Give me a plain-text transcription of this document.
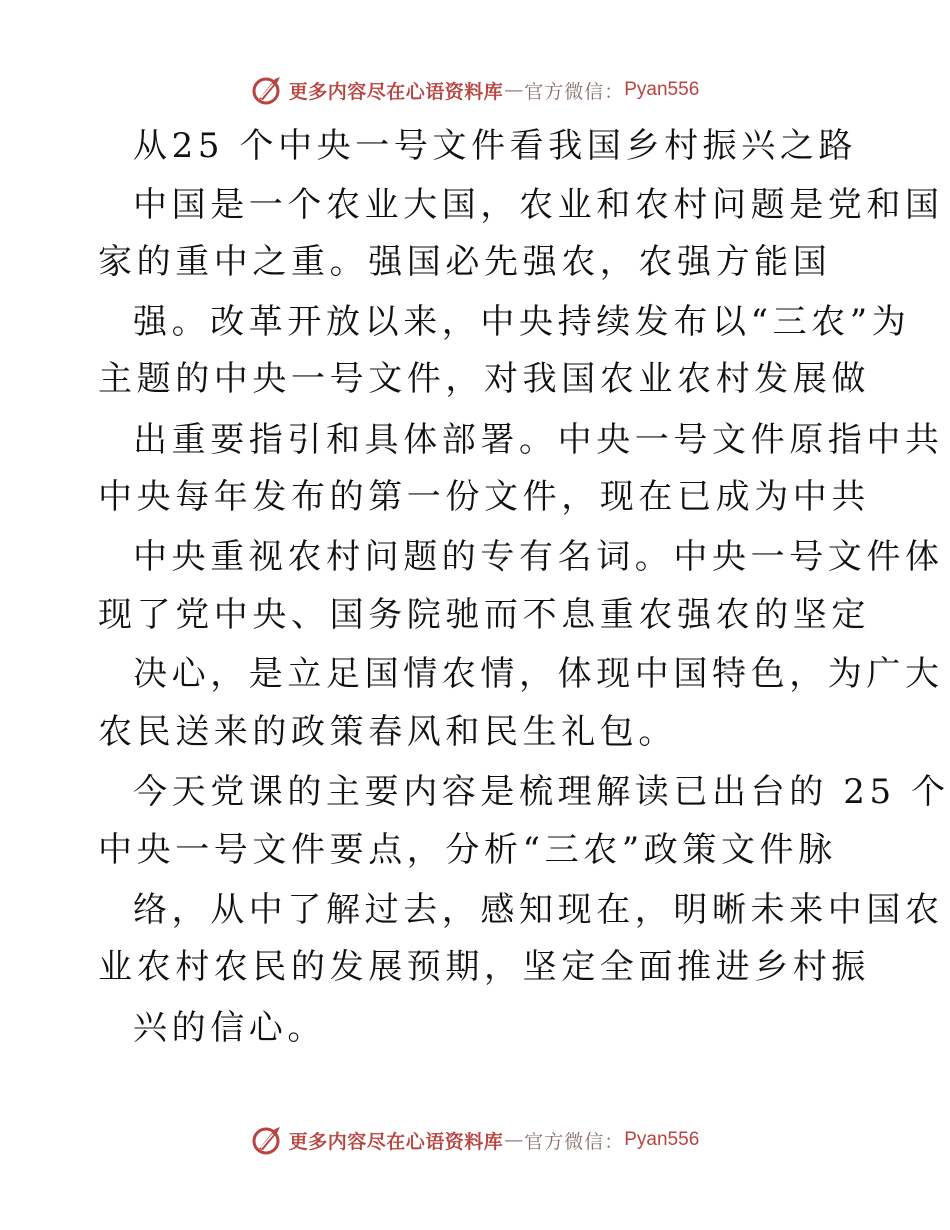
更多内容尽在心语资料库 — 官方微信： Pyan556
从25 个中央一号文件看我国乡村振兴之路
中国是一个农业大国，农业和农村问题是党和国
家的重中之重。强国必先强农，农强方能国
强。改革开放以来，中央持续发布以“三农”为
主题的中央一号文件，对我国农业农村发展做
出重要指引和具体部署。中央一号文件原指中共
中央每年发布的第一份文件，现在已成为中共
中央重视农村问题的专有名词。中央一号文件体
现了党中央、国务院驰而不息重农强农的坚定
决心，是立足国情农情，体现中国特色，为广大
农民送来的政策春风和民生礼包。
今天党课的主要内容是梳理解读已出台的 25 个
中央一号文件要点，分析“三农”政策文件脉
络，从中了解过去，感知现在，明晰未来中国农
业农村农民的发展预期，坚定全面推进乡村振
兴的信心。
更多内容尽在心语资料库 — 官方微信： Pyan556
